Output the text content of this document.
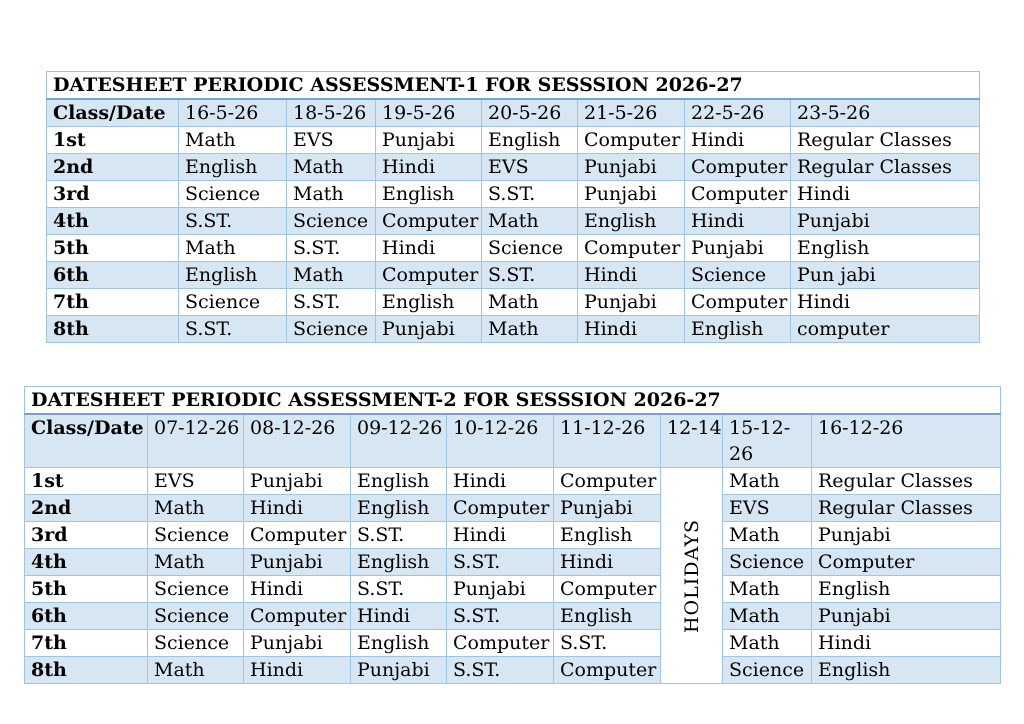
DATESHEET PERIODIC ASSESSMENT-1 FOR SESSSION 2026-27							
Class/Date	16-5-26	18-5-26	19-5-26	20-5-26	21-5-26	22-5-26	23-5-26
1st	Math	EVS	Punjabi	English	Computer	Hindi	Regular Classes
2nd	English	Math	Hindi	EVS	Punjabi	Computer	Regular Classes
3rd	Science	Math	English	S.ST.	Punjabi	Computer	Hindi
4th	S.ST.	Science	Computer	Math	English	Hindi	Punjabi
5th	Math	S.ST.	Hindi	Science	Computer	Punjabi	English
6th	English	Math	Computer	S.ST.	Hindi	Science	Pun jabi
7th	Science	S.ST.	English	Math	Punjabi	Computer	Hindi
8th	S.ST.	Science	Punjabi	Math	Hindi	English	computer
DATESHEET PERIODIC ASSESSMENT-2 FOR SESSSION 2026-27								
Class/Date	07-12-26	08-12-26	09-12-26	10-12-26	11-12-26	12-14	15-12-26	16-12-26
1st	EVS	Punjabi	English	Hindi	Computer	HOLIDAYS	Math	Regular Classes
2nd	Math	Hindi	English	Computer	Punjabi		EVS	Regular Classes
3rd	Science	Computer	S.ST.	Hindi	English		Math	Punjabi
4th	Math	Punjabi	English	S.ST.	Hindi		Science	Computer
5th	Science	Hindi	S.ST.	Punjabi	Computer		Math	English
6th	Science	Computer	Hindi	S.ST.	English		Math	Punjabi
7th	Science	Punjabi	English	Computer	S.ST.		Math	Hindi
8th	Math	Hindi	Punjabi	S.ST.	Computer		Science	English
